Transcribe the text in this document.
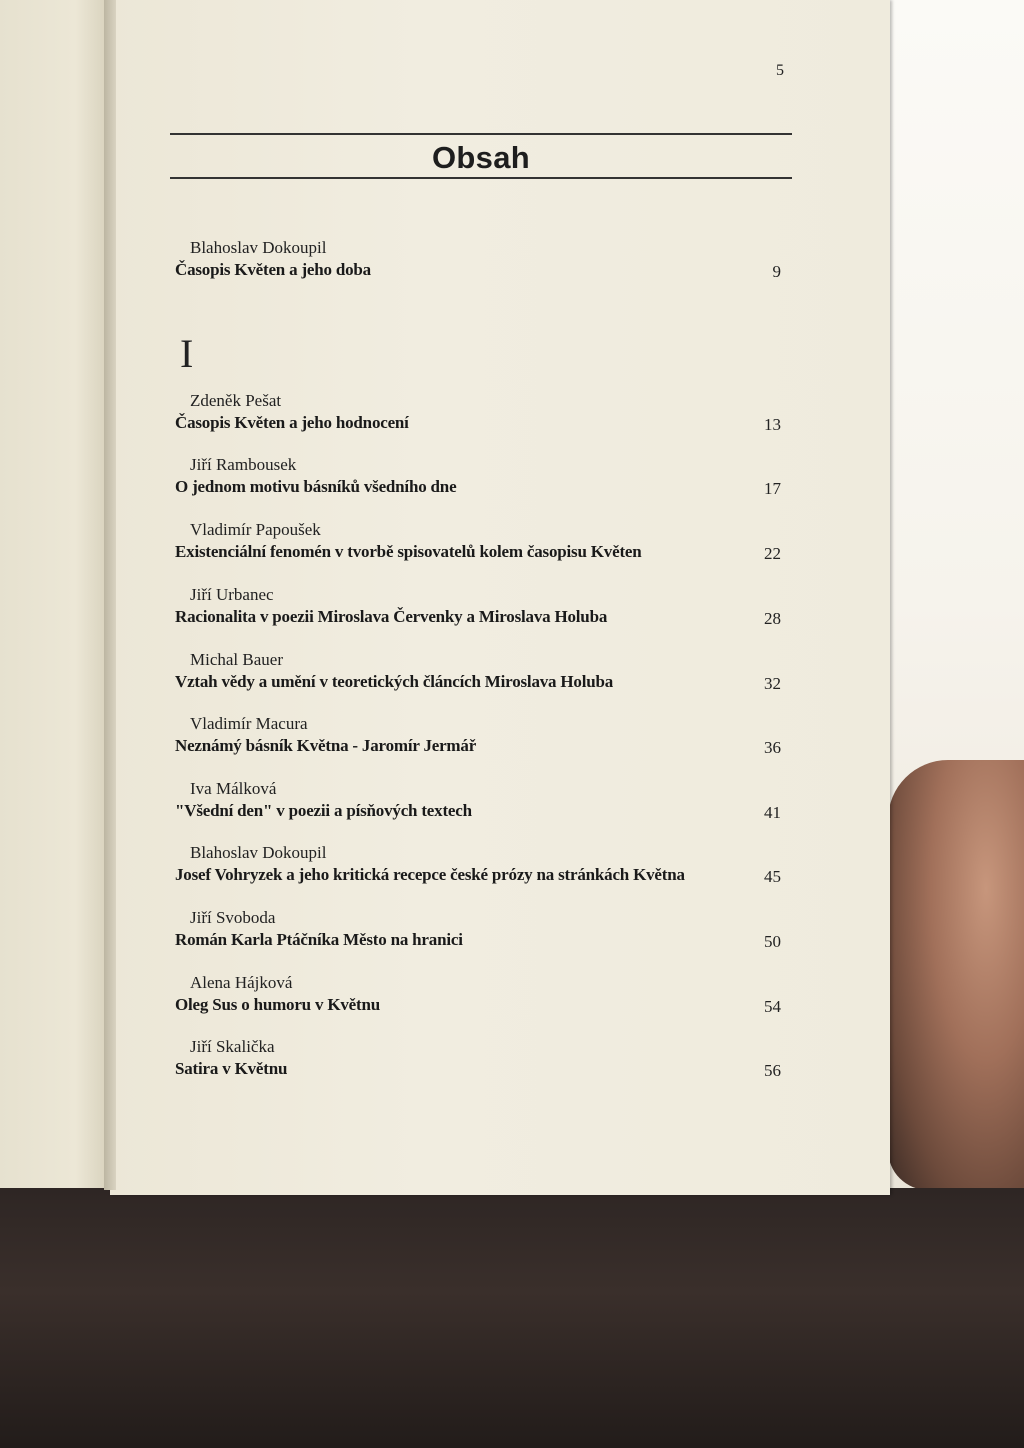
5
Obsah
Blahoslav Dokoupil
Časopis Květen a jeho doba	9
I
Zdeněk Pešat
Časopis Květen a jeho hodnocení	13
Jiří Rambousek
O jednom motivu básníků všedního dne	17
Vladimír Papoušek
Existenciální fenomén v tvorbě spisovatelů kolem časopisu Květen	22
Jiří Urbanec
Racionalita v poezii Miroslava Červenky a Miroslava Holuba	28
Michal Bauer
Vztah vědy a umění v teoretických článcích Miroslava Holuba	32
Vladimír Macura
Neznámý básník Května - Jaromír Jermář	36
Iva Málková
"Všední den" v poezii a písňových textech	41
Blahoslav Dokoupil
Josef Vohryzek a jeho kritická recepce české prózy na stránkách Května	45
Jiří Svoboda
Román Karla Ptáčníka Město na hranici	50
Alena Hájková
Oleg Sus o humoru v Květnu	54
Jiří Skalička
Satira v Květnu	56
